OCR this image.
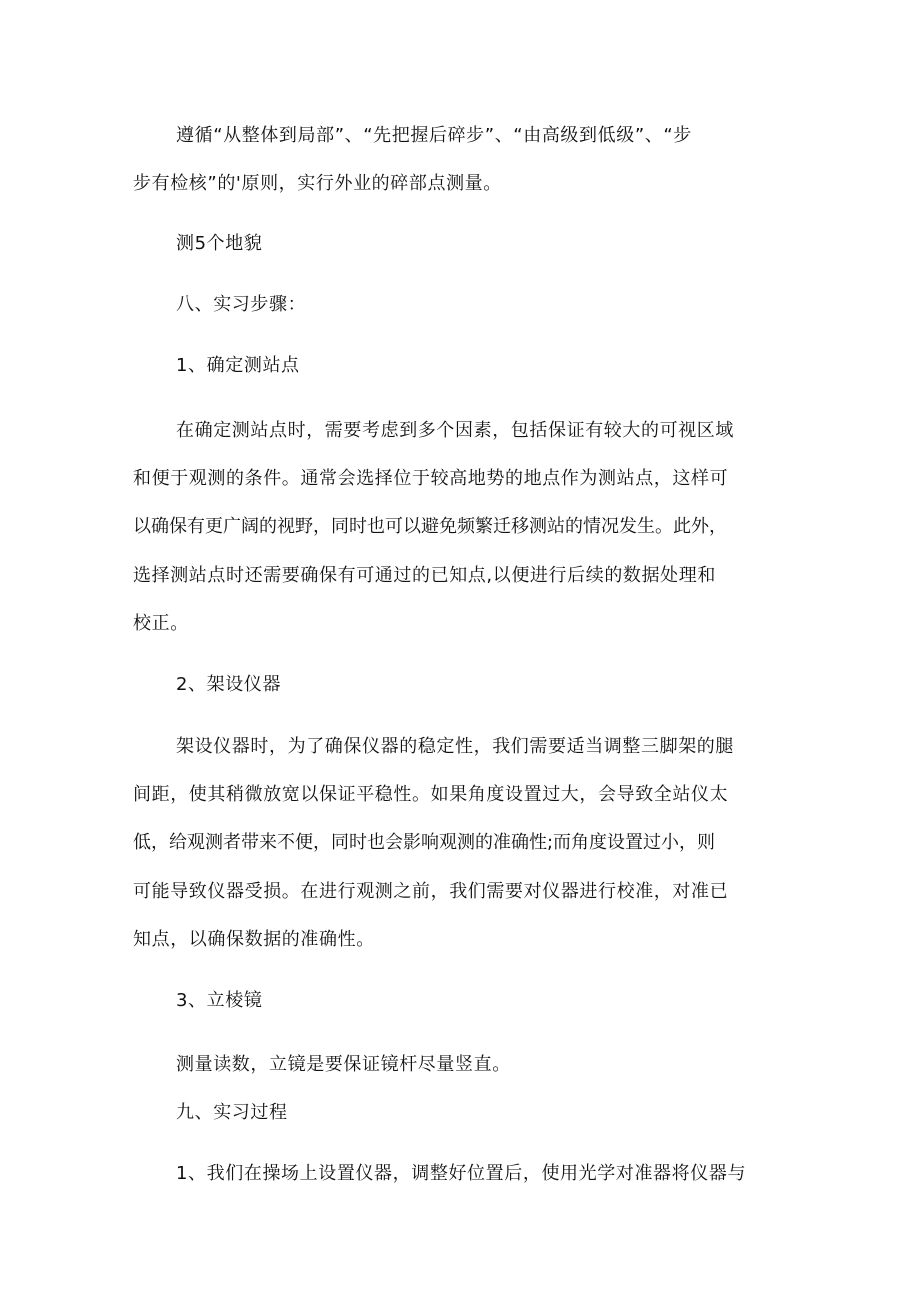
遵循“从整体到局部”、“先把握后碎步”、“由高级到低级”、“步
步有检核”的'原则，实行外业的碎部点测量。
测5个地貌
八、实习步骤：
1、确定测站点
在确定测站点时，需要考虑到多个因素，包括保证有较大的可视区域
和便于观测的条件。通常会选择位于较高地势的地点作为测站点，这样可
以确保有更广阔的视野，同时也可以避免频繁迁移测站的情况发生。此外，
选择测站点时还需要确保有可通过的已知点,以便进行后续的数据处理和
校正。
2、架设仪器
架设仪器时，为了确保仪器的稳定性，我们需要适当调整三脚架的腿
间距，使其稍微放宽以保证平稳性。如果角度设置过大，会导致全站仪太
低，给观测者带来不便，同时也会影响观测的准确性;而角度设置过小，则
可能导致仪器受损。在进行观测之前，我们需要对仪器进行校准，对准已
知点，以确保数据的准确性。
3、立棱镜
测量读数，立镜是要保证镜杆尽量竖直。
九、实习过程
1、我们在操场上设置仪器，调整好位置后，使用光学对准器将仪器与
